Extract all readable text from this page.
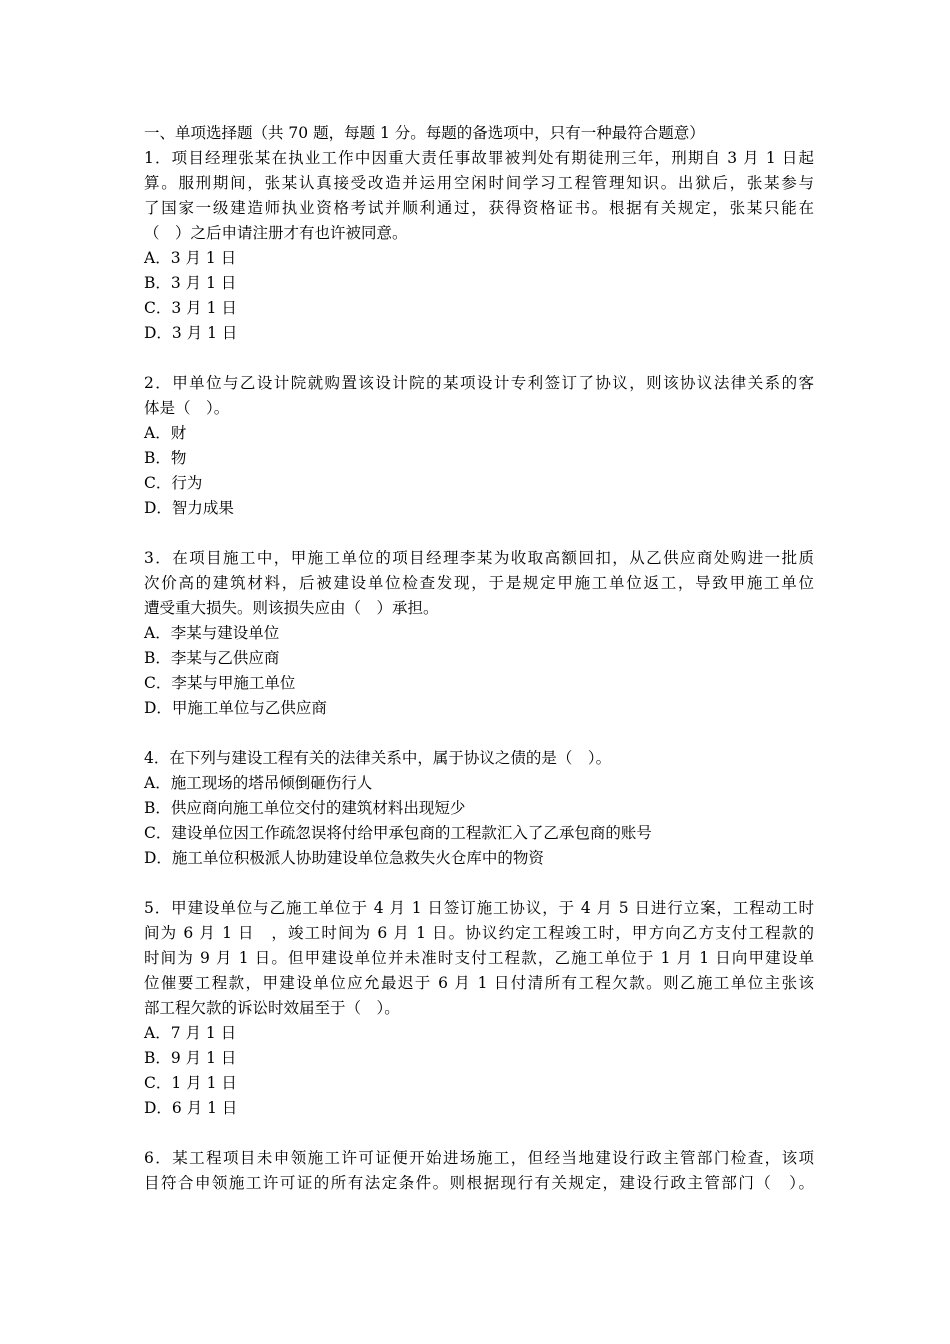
一、单项选择题（共 70 题，每题 1 分。每题的备选项中，只有一种最符合题意）
1．项目经理张某在执业工作中因重大责任事故罪被判处有期徒刑三年，刑期自 3 月 1 日起
算。服刑期间，张某认真接受改造并运用空闲时间学习工程管理知识。出狱后，张某参与
了国家一级建造师执业资格考试并顺利通过，获得资格证书。根据有关规定，张某只能在
（　）之后申请注册才有也许被同意。
A．3 月 1 日
B．3 月 1 日
C．3 月 1 日
D．3 月 1 日
2．甲单位与乙设计院就购置该设计院的某项设计专利签订了协议，则该协议法律关系的客
体是（　）。
A．财
B．物
C．行为
D．智力成果
3．在项目施工中，甲施工单位的项目经理李某为收取高额回扣，从乙供应商处购进一批质
次价高的建筑材料，后被建设单位检查发现，于是规定甲施工单位返工，导致甲施工单位
遭受重大损失。则该损失应由（　）承担。
A．李某与建设单位
B．李某与乙供应商
C．李某与甲施工单位
D．甲施工单位与乙供应商
4．在下列与建设工程有关的法律关系中，属于协议之债的是（　）。
A．施工现场的塔吊倾倒砸伤行人
B．供应商向施工单位交付的建筑材料出现短少
C．建设单位因工作疏忽误将付给甲承包商的工程款汇入了乙承包商的账号
D．施工单位积极派人协助建设单位急救失火仓库中的物资
5．甲建设单位与乙施工单位于 4 月 1 日签订施工协议，于 4 月 5 日进行立案，工程动工时
间为 6 月 1 日　，竣工时间为 6 月 1 日。协议约定工程竣工时，甲方向乙方支付工程款的
时间为 9 月 1 日。但甲建设单位并未准时支付工程款，乙施工单位于 1 月 1 日向甲建设单
位催要工程款，甲建设单位应允最迟于 6 月 1 日付清所有工程欠款。则乙施工单位主张该
部工程欠款的诉讼时效届至于（　）。
A．7 月 1 日
B．9 月 1 日
C．1 月 1 日
D．6 月 1 日
6．某工程项目未申领施工许可证便开始进场施工，但经当地建设行政主管部门检查，该项
目符合申领施工许可证的所有法定条件。则根据现行有关规定，建设行政主管部门（　）。
